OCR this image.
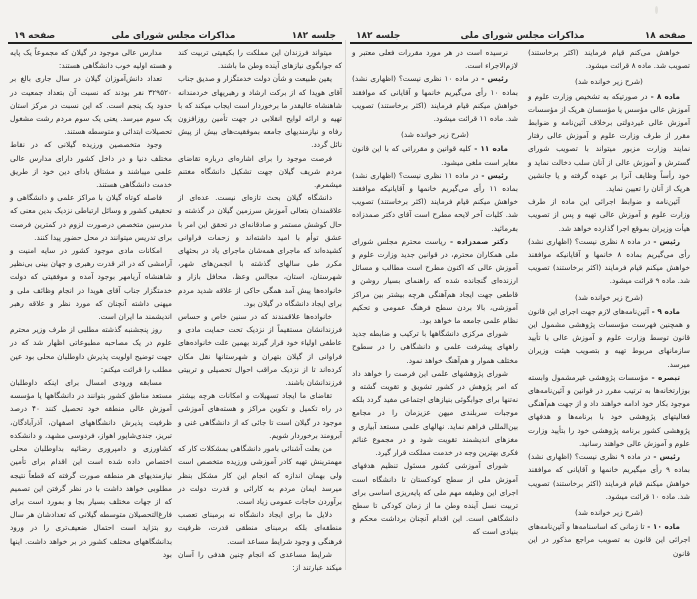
صفحه ۱۹	مذاکرات مجلس شورای ملی	جلسه ۱۸۲

مدارس عالی موجود در گیلان که مجموعاً یک پایه و هسته اولیه خوب دانشگاهی هستند:

تعداد دانش‌آموزان گیلان در سال جاری بالغ بر ۳۲۹۵۲۰ نفر بودند که نسبت آن بتعداد جمعیت در حدود یک پنجم است. که این نسبت در مرکز استان یک سوم میرسد. یعنی یک سوم مردم رشت مشغول تحصیلات ابتدائی و متوسطه هستند.

وجود متخصصین ورزیده گیلانی که در نقاط مختلف دنیا و در داخل کشور دارای مدارس عالی علمی میباشند و مشتاق بادای دین خود از طریق خدمت دانشگاهی هستند.

فاصله کوتاه گیلان با مراکز علمی و دانشگاهی و تحقیقی کشور و وسائل ارتباطی نزدیک بدین معنی که مدرسین متخصص درصورت لزوم در کمترین فرصت برای تدریس میتوانند در محل حضور پیدا کنند.

امکانات مادی موجود کشور در سایه امنیت و آرامشی که در اثر قدرت رهبری و جهان بینی بی‌نظیر شاهنشاه آریامهر بوجود آمده و موفقیتی که دولت خدمتگزار جناب آقای هویدا در انجام وظائف ملی و میهنی داشته آنچنان که مورد نظر و علاقه رهبر اندیشمند ما ایران است.

روز پنجشنبه گذشته مطلبی از طرف وزیر محترم علوم در یک مصاحبه مطبوعاتی اظهار شد که در جهت توضیح اولویت پذیرش داوطلبان محلی بود عین مطلب را قرائت میکنم:

مسابقه ورودی امسال برای اینکه داوطلبان مستعد مناطق کشور بتوانند در دانشگاهها یا مؤسسه آموزش عالی منطقه خود تحصیل کنند ۴۰ درصد ظرفیت پذیرش دانشگاههای اصفهان، آذرآبادگان، تبریز، جندی‌شاپور اهواز، فردوسی مشهد، و دانشکده کشاورزی و دامپروری رضائیه بداوطلبان محلی اختصاص داده شده است این اقدام برای تأمین نیازمندیهای هر منطقه صورت گرفته که قطعاً نتیجه مطلوبی خواهد داشت با در نظر گرفتن این تصمیم که از جهات مختلف بسیار بجا و بمورد است برای فارغ‌التحصیلان متوسطه گیلانی که تعدادشان هر سال رو بتزاید است احتمال ضعیف‌تری را در ورود بدانشگاههای مختلف کشور در بر خواهد داشت. اینها بود

میتواند فرزندان این مملکت را بکیفیتی تربیت کند که جوابگوی نیازهای آینده وطن ما باشند.

یقین طبیعت و شأن دولت خدمتگزار و صدیق جناب آقای هویدا که از برکت ارشاد و رهبریهای خردمندانه شاهنشاه عالیقدر ما برخوردار است ایجاب میکند که با تهیه و ارائه لوایح انقلابی در جهت تأمین روزافزون رفاه و نیازمندیهای جامعه بموفقیت‌های بیش از پیش نائل گردد.

فرصت موجود را برای اشاره‌ای درباره تقاضای مردم شریف گیلان جهت تشکیل دانشگاه مغتنم میشمرم.

دانشگاه گیلان بحث تازه‌ای نیست. عده‌ای از علاقمندان بتعالی آموزش سرزمین گیلان در گذشته و حال کوشش مستمر و صادقانه‌ای در تحقق این امر با عشق توأم با امید داشته‌اند و زحمات فراوانی کشیده‌اند که ماجرای همه‌شان ماجرای یاد در بحثهای مکرر طی سالهای گذشته با انجمن‌های شهر، شهرستان، استان، مجالس وعظ، محافل بازار و خانواده‌ها پیش آمد همگی حاکی از علاقه شدید مردم برای ایجاد دانشگاه در گیلان بود.

خانواده‌ها علاقمندند که در سنین خاص و حساس فرزندانشان مستقیماً از نزدیک تحت حمایت مادی و عاطفی اولیاء خود قرار گیرند بهمین علت خانواده‌های فراوانی از گیلان بتهران و شهرستانها نقل مکان کرده‌اند تا از نزدیک مراقب احوال تحصیلی و تربیتی فرزندانشان باشند.

تقاضای ما ایجاد تسهیلات و امکانات هرچه بیشتر در راه تکمیل و تکوین مراکز و هسته‌های آموزشی موجود در گیلان است تا جائی که از دانشگاهی غنی و آبرومند برخوردار شویم.

من بعلت آشنائی بامور دانشگاهی بمشکلات کار که مهمترینش تهیه کادر آموزشی ورزیده متخصص است ولی بهمان اندازه که انجام این کار مشکل بنظر میرسد ایمان مردم به کارائی و قدرت دولت در برآوردن حاجات عمومی زیاد است.

دلایل ما برای ایجاد دانشگاه نه برمبنای تعصب منطقه‌ای بلکه برمبنای منطقی قدرت، ظرفیت فرهنگی و وجود شرایط مساعد است.

شرایط مساعدی که انجام چنین هدفی را آسان میکند عبارتند از:

جلسه ۱۸۲	مذاکرات مجلس شورای ملی	صفحه ۱۸

نرسیده است در هر مورد مقررات فعلی معتبر و لازم‌الاجراء است.

رئیس - در ماده ۱۰ نظری نیست؟ (اظهاری نشد) بماده ۱۰ رأی می‌گیریم خانمها و آقایانی که موافقند خواهش میکنم قیام فرمایند (اکثر برخاستند) تصویب شد. ماده ۱۱ قرائت میشود.

(شرح زیر خوانده شد)

ماده ۱۱ - کلیه قوانین و مقرراتی که با این قانون مغایر است ملغی میشود.

رئیس - در ماده ۱۱ نظری نیست؟ (اظهاری نشد) بماده ۱۱ رأی می‌گیریم خانمها و آقایانیکه موافقند خواهش میکنم قیام فرمایند (اکثر برخاستند) تصویب شد. کلیات آخر لایحه مطرح است آقای دکتر صمدزاده بفرمائید.

دکتر صمدزاده - ریاست محترم مجلس شورای ملی همکاران محترم، در قوانین جدید وزارت علوم و آموزش عالی که اکنون مطرح است مطالب و مسائل ارزنده‌ای گنجانده شده که راهنمای بسیار روشن و قاطعی جهت ایجاد هم‌آهنگی هرچه بیشتر بین مراکز آموزشی، بالا بردن سطح فرهنگ عمومی و تحکیم نظام علمی جامعه ما خواهد بود.

شورای مرکزی دانشگاهها با ترکیب و ضابطه جدید راههای پیشرفت علمی و دانشگاهی را در سطوح مختلف هموار و هم‌آهنگ خواهد نمود.

شورای پژوهشهای علمی این فرصت را خواهد داد که امر پژوهش در کشور تشویق و تقویت گشته و نه‌تنها برای جوابگوئی بنیازهای اجتماعی مفید گردد بلکه موجبات سربلندی میهن عزیزمان را در مجامع بین‌المللی فراهم نماید. نهالهای علمی مستعد آبیاری و مغزهای اندیشمند تقویت شود و در مجموع غنائم فکری بهترین وجه در خدمت مملکت قرار گیرد.

شورای آموزشی کشور مسئول تنظیم هدفهای آموزش ملی از سطح کودکستان تا دانشگاه است اجرای این وظیفه مهم ملی که پایه‌ریزی اساسی برای تربیت نسل آینده وطن ما از زمان کودکی تا سطح دانشگاهی است. این اقدام آنچنان برداشت محکم و بنیادی است که

خواهش می‌کنم قیام فرمایند (اکثر برخاستند) تصویب شد. ماده ۸ قرائت میشود.

(شرح زیر خوانده شد)

ماده ۸ - در صورتیکه به تشخیص وزارت علوم و آموزش عالی مؤسس یا مؤسسان هریک از مؤسسات آموزش عالی غیردولتی برخلاف آئین‌نامه و ضوابط مقرر از طرف وزارت علوم و آموزش عالی رفتار نمایند وزارت مزبور میتواند با تصویب شورای گسترش و آموزش عالی از آنان سلب دخالت نماید و خود رأساً وظایف آنرا بر عهده گرفته و یا جانشین هریک از آنان را تعیین نماید.

آئین‌نامه و ضوابط اجرائی این ماده از طرف وزارت علوم و آموزش عالی تهیه و پس از تصویب هیأت وزیران بموقع اجرا گذارده خواهد شد.

رئیس - در ماده ۸ نظری نیست؟ (اظهاری نشد) رأی می‌گیریم بماده ۸ خانمها و آقایانیکه موافقند خواهش میکنم قیام فرمایند (اکثر برخاستند) تصویب شد. ماده ۹ قرائت میشود.

(شرح زیر خوانده شد)

ماده ۹ - آئین‌نامه‌های لازم جهت اجرای این قانون و همچنین فهرست مؤسسات پژوهشی مشمول این قانون توسط وزارت علوم و آموزش عالی با تأیید سازمانهای مربوط تهیه و بتصویب هیئت وزیران میرسد.

تبصره - مؤسسات پژوهشی غیرمشمول وابسته بوزارتخانه‌ها به ترتیب مقرر در قوانین و آئین‌نامه‌های موجود بکار خود ادامه خواهند داد و از جهت هم‌آهنگی فعالیتهای پژوهشی خود با برنامه‌ها و هدفهای پژوهشی کشور برنامه پژوهشی خود را بتأیید وزارت علوم و آموزش عالی خواهند رسانید.

رئیس - در ماده ۹ نظری نیست؟ (اظهاری نشد) بماده ۹ رأی میگیریم خانمها و آقایانی که موافقند خواهش میکنم قیام فرمایند (اکثر برخاستند) تصویب شد. ماده ۱۰ قرائت میشود.

(شرح زیر خوانده شد)

ماده ۱۰ - تا زمانی که اساسنامه‌ها و آئین‌نامه‌های اجرائی این قانون به تصویب مراجع مذکور در این قانون
